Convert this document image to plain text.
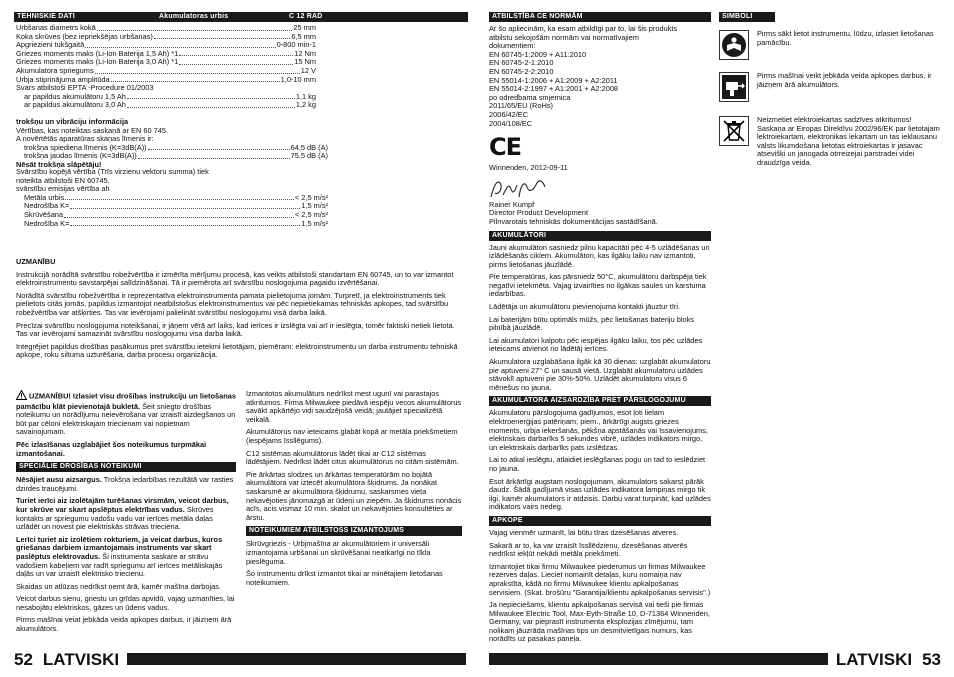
TEHNISKIE DATI	Akumulatoras urbis	C 12 RAD
Urbšanas diametrs kokā	25 mm
Koka skrūves (bez iepriekšējas urbšanas)	6,5 mm
Apgriezieni tukšgaitā	0-800 min-1
Griezes moments maks (Li-Ion Baterija 1,5 Ah) *1	12 Nm
Griezes moments maks (Li-Ion Baterija 3,0 Ah) *1	15 Nm
Akumulatora spriegums	12 V
Urbja stiprinājuma amplitūda	1,0-10 mm
Svars atbilstoši EPTA -Procedure 01/2003
ar papildus akumulātoru 1,5 Ah	1,1 kg
ar papildus akumulātoru 3,0 Ah	1,2 kg
trokšņu un vibrāciju informācija
Vērtības, kas noteiktas saskaņā ar EN 60 745.
A novērtētās aparatūras skaņas līmenis ir:
trokšņa spiediena līmenis (K=3dB(A))	64,5 dB (A)
trokšņa jaudas līmenis (K=3dB(A))	75,5 dB (A)
Nēsāt trokšņa slāpētāju!
Svārstību kopējā vērtība (Trīs virzienu vektoru summa) tiek
noteikta atbilstoši EN 60745.
svārstību emisijas vērtība ah
Metāla urbis	< 2,5 m/s²
Nedrošība K=	1,5 m/s²
Skrūvēšana	< 2,5 m/s²
Nedrošība K=	1,5 m/s²
UZMANĪBU
Instrukcijā norādītā svārstību robežvērtība ir izmērīta mērījumu procesā, kas veikts atbilstoši standartam EN 60745, un to var izmantot elektroinstrumentu savstarpējai salīdzināšanai. Tā ir piemērota arī svārstību noslogojuma pagaidu izvērtēšanai.
Norādītā svārstību robežvērtība ir reprezentatīva elektroinstrumenta pamata pielietojuma jomām. Turpretī, ja elektroinstruments tiek pielietots citās jomās, papildus izmantojot neatbilstošus elektroinstrumentus vai pēc nepietiekamas tehniskās apkopes, tad svārstību robežvērtība var atšķirties. Tas var ievērojami palielināt svārstību noslogojumu visā darba laikā.
Precīzai svārstību noslogojuma noteikšanai, ir jāņem vērā arī laiks, kad ierīces ir izslēgta vai arī ir ieslēgta, tomēr faktiski netiek lietota. Tas var ievērojami samazināt svārstību noslogojumu visa darba laikā.
Integrējiet papildus drošības pasākumus pret svārstību ietekmi lietotājam, piemēram: elektroinstrumentu un darba instrumentu tehniskā apkope, roku siltuma uzturēšana, darba procesu organizācija.
UZMANĪBU! Izlasiet visu drošības instrukciju un lietošanas pamācību klāt pievienotajā bukletā. Šeit sniegto drošības noteikumu un norādījumu neievērošana var izraisīt aizdegšanos un būt par cēloni elektriskajam triecienam vai nopietnam savainojumam.
Pēc izlasīšanas uzglabājiet šos noteikumus turpmākai izmantošanai.
SPECIĀLIE DROŠĪBAS NOTEIKUMI
Nēsājiet ausu aizsargus. Trokšņa iedarbības rezultātā var rasties dzirdes traucējumi.
Turiet ierīci aiz izolētajām turēšanas virsmām, veicot darbus, kur skrūve var skart apslēptus elektrības vadus. Skrūves kontakts ar spriegumu vadošu vadu var ierīces metāla daļas uzlādēt un novest pie elektriskās strāvas trieciena.
Lerīci turiet aiz izolētiem rokturiem, ja veicat darbus, kuros griešanas darbiem izmantojamais instruments var skart paslēptus elektrovadus. Ši instrumenta saskare ar strāvu vadošiem kabeļiem var radīt spriegumu arī ierīces metāliskajās daļās un var izraisīt elektrisko triecienu.
Skaidas un atlūzas nedrīkst ņemt ārā, kamēr mašīna darbojas.
Veicot darbus sienu, griestu un grīdas apvidū, vajag uzmanīties, lai nesabojātu elektriskos, gāzes un ūdens vadus.
Pirms mašīnai veiat jebkāda veida apkopes darbus, ir jāizņem ārā akumulātors.
Izmantotos akumulāturs nedrīkst mest ugunī vai parastajos atkritumos. Firma Milwaukee piedāvā iespēju vecos akumulātorus savākt apkārtējo vidi saudzējošā veidā; jautājiet specializētā veikalā.
Akumulātorus nav ieteicams glabāt kopā ar metāla priekšmetiem (iespējams īssllēgums).
C12 sistēmas akumulātorus lādēt tikai ar C12 sistēmas lādētājiem. Nedrīkst lādēt citus akumulātorus no citām sistēmām.
Pie ārkārtas slodzes un ārkārtas temperatūrām no bojātā akumulātora var iztecēt akumulātora šķidrums. Ja nonākat saskarsmē ar akumulātora šķidrumu, saskarsmes vieta nekavējoties jānomazgā ar ūdeni un ziepēm. Ja šķidrums nonācis acīs, acis vismaz 10 min. skalot un nekavējoties konsultēties ar ārstu.
NOTEIKUMIEM ATBILSTOŠS IZMANTOJUMS
Skrūvgriezis - Urbjmašīna ar akumulātoriem ir universāli izmantojama urbšanai un skrūvēšanai neatkarīgi no tīkla pieslēguma.
Šo instrumentu drīkst izmantot tikai ar minētajiem lietošanas noteikumiem.
52 LATVISKI
ATBILSTĪBA CE NORMĀM
Ar šo apliecinām, ka esam atbildīgi par to, lai šis produkts
atbilstu sekojošām normām vai normatīvajiem
dokumentiem:
EN 60745-1:2009 + A11:2010
EN 60745-2-1:2010
EN 60745-2-2:2010
EN 55014-1:2006 + A1:2009 + A2:2011
EN 55014-2:1997 + A1:2001 + A2:2008
po odredbama smjernica
2011/65/EU (RoHs)
2006/42/EC
2004/108/EC
CE
Winnenden, 2012-09-11
Rainer Kumpf
Director Product Development
Pilnvarotais tehniskās dokumentācijas sastādīšanā.
AKUMULĀTORI
Jauni akumulātori sasniedz pilnu kapacitāti pēc 4-5 uzlādēšanas un izlādēšanās ciklem. Akumulātori, kas ilgāku laiku nav izmantoti, pirms lietošanas jāuzlādē.
Pie temperatūras, kas pārsniedz 50°C, akumulātoru darbspēja tiek negatīvi ietekmēta. Vajag izvairīties no ilgākas saules un karstuma iedarbības.
Lādētāja un akumulātoru pievienojuma kontakti jāuztur tīri.
Lai baterijām būtu optimāls mūžs, pēc lietošanas bateriju bloks pilnībā jāuzlādē.
Lai akumulatori kalpotu pēc iespējas ilgāku laiku, tos pēc uzlādes ieteicams atvienot no lādētāj ierīces.
Akumulatora uzglabāšana ilgāk kā 30 dienas: uzglabāt akumulatoru pie aptuveni 27° C un sausā vietā. Uzglabāt akumulatoru uzlādes stāvoklī aptuveni pie 30%-50%. Uzlādēt akumulatoru visus 6 mēnešus no jauna.
AKUMULATORA AIZSARDZĪBA PRET PĀRSLOGOJUMU
Akumulatoru pārslogojuma gadījumos, esot ļoti lielam elektroenerģijas patēriņam, piem., ārkārtīgi augsts griezes moments, urbja iekeršanās, pēkšņa apstāšanās vai īssavienojums, elektriskais darbarīks 5 sekundes vibrē, uzlādes indikators mirgo, un elektriskais darbarīks pats izslēdzas.
Lai to atkal ieslēgtu, atlaidiet ieslēgšanas pogu un tad to ieslēdziet no jauna.
Esot ārkārtīgi augstam noslogojumam, akumulators sakarst pārāk daudz. Šādā gadījumā visas uzlādes indikatora lampiņas mirgo tik ilgi, kamēr akumulators ir atdzisis. Darbu varat turpināt, kad uzlādes indikators vairs nedeg.
APKOPE
Vajag vienmēr uzmanīt, lai būtu tīras dzesēšanas atveres.
Sakarā ar to, ka var izraisīt īssllēdzienu, dzesēšanas atverēs nedrīkst iekļūt nekādi metāla priekšmeti.
Izmantojiet tikai firmu Milwaukee piederumus un firmas Milwaukee rezerves daļas. Lieciet nomainīt detaļas, kuru nomaiņa nav aprakstīta, kādā no firmu Milwaukee klientu apkalpošanas servisiem. (Skat. brošūru "Garantija/klientu apkalpošanas servisis".)
Ja nepieciešams, klientu apkalpošanas servisā vai tieši pie firmas Milwaukee Electric Tool, Max-Eyth-Straße 10, D-71364 Winnenden, Germany, var pieprasīt instrumenta eksplozijas zīmējumu, tam nolikam jāuzrāda mašīnas tips un desmitvietīgais numurs, kas norādīts uz pasakas paneļa.
SIMBOLI
Pirms sākt lietot instrumentu, lūdzu, izlasiet lietošanas pamācību.
Pirms mašīnai veikt jebkāda veida apkopes darbus, ir jāizņem ārā akumulātors.
Neizmetiet elektroiekartas sadzīves atkritumos! Saskaņa ar Eiropas Direktīvu 2002/96/EK par lietotajam lektroiekartam, elektronikas iekartam un tas ieklausanu valsts likumdošana lietotas ektroiekartas ir jasavac atsevišķi un janogada otrreizejai parstradei videi draudzīga veida.
LATVISKI 53
